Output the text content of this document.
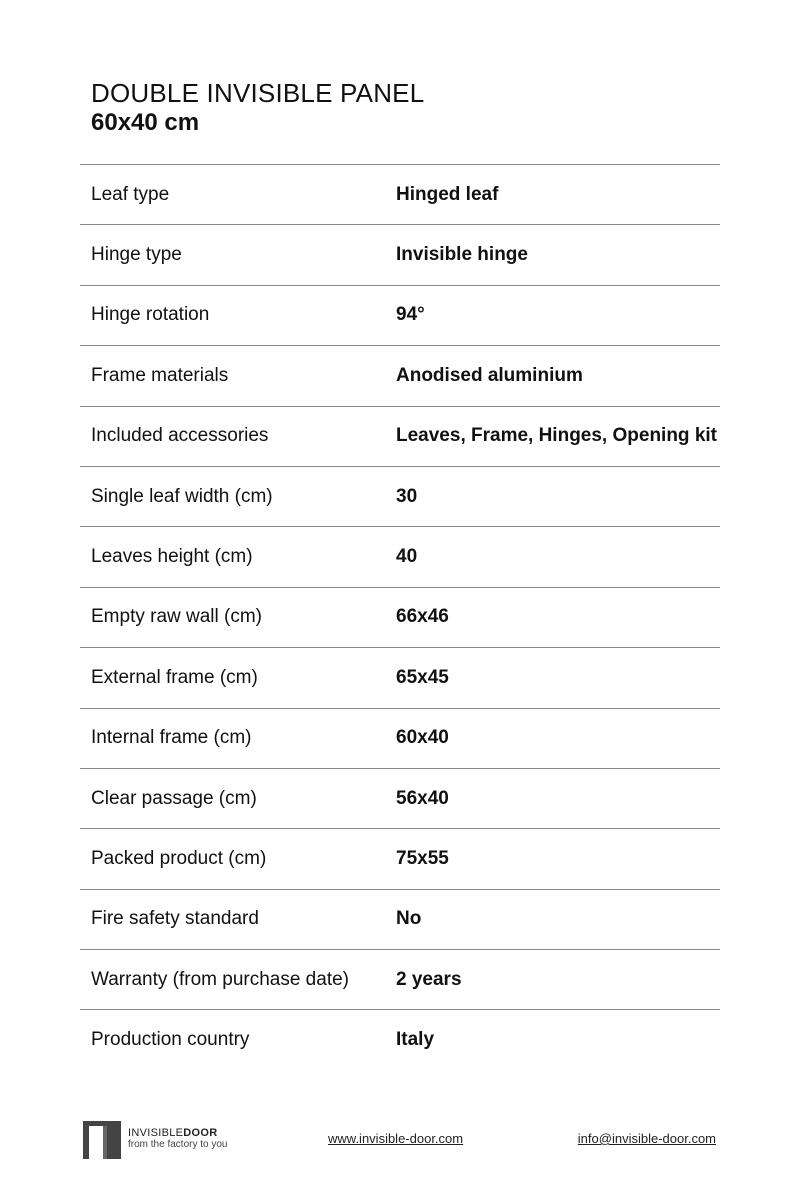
DOUBLE INVISIBLE PANEL
60x40 cm
Leaf type	Hinged leaf
Hinge type	Invisible hinge
Hinge rotation	94°
Frame materials	Anodised aluminium
Included accessories	Leaves, Frame, Hinges, Opening kit
Single leaf width (cm)	30
Leaves height (cm)	40
Empty raw wall (cm)	66x46
External frame (cm)	65x45
Internal frame (cm)	60x40
Clear passage (cm)	56x40
Packed product (cm)	75x55
Fire safety standard	No
Warranty (from purchase date)	2 years
Production country	Italy
INVISIBLEDOOR
from the factory to you	www.invisible-door.com	info@invisible-door.com
